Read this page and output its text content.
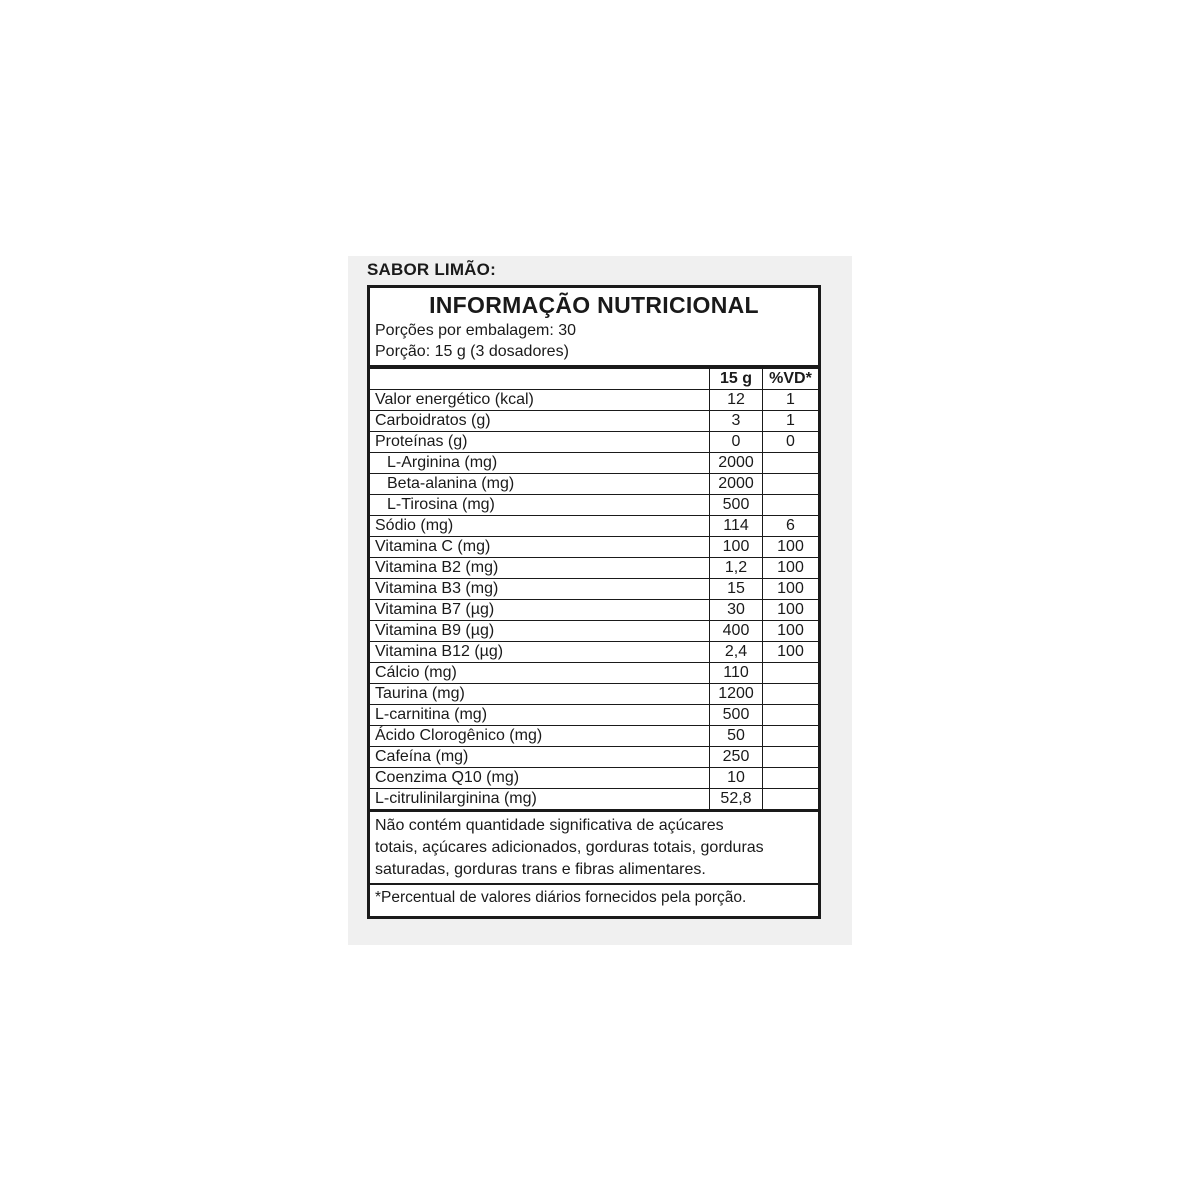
SABOR LIMÃO:
INFORMAÇÃO NUTRICIONAL
Porções por embalagem: 30
Porção: 15 g (3 dosadores)
	15 g	%VD*
Valor energético (kcal)	12	1
Carboidratos (g)	3	1
Proteínas (g)	0	0
L-Arginina (mg)	2000	
Beta-alanina (mg)	2000	
L-Tirosina (mg)	500	
Sódio (mg)	114	6
Vitamina C (mg)	100	100
Vitamina B2 (mg)	1,2	100
Vitamina B3 (mg)	15	100
Vitamina B7 (µg)	30	100
Vitamina B9 (µg)	400	100
Vitamina B12 (µg)	2,4	100
Cálcio (mg)	110	
Taurina (mg)	1200	
L-carnitina (mg)	500	
Ácido Clorogênico (mg)	50	
Cafeína (mg)	250	
Coenzima Q10 (mg)	10	
L-citrulinilarginina (mg)	52,8	
Não contém quantidade significativa de açúcares
totais, açúcares adicionados, gorduras totais, gorduras
saturadas, gorduras trans e fibras alimentares.
*Percentual de valores diários fornecidos pela porção.
